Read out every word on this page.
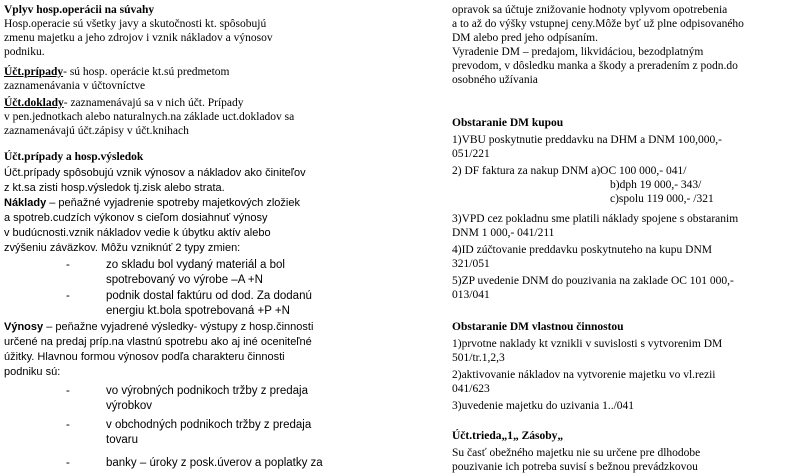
Vplyv hosp.operácii na súvahy
Hosp.operacie sú všetky javy a skutočnosti kt. spôsobujú
zmenu majetku a jeho zdrojov i vznik nákladov a výnosov
podniku.
Účt.prípady- sú hosp. operácie kt.sú predmetom
zaznamenávania v účtovníctve
Účt.doklady- zaznamenávajú sa v nich účt. Prípady
v pen.jednotkach alebo naturalnych.na základe uct.dokladov sa
zaznamenávajú účt.zápisy v účt.knihach
Účt.prípady a hosp.výsledok
Účt.prípady spôsobujú vznik výnosov a nákladov ako činiteľov
z kt.sa zisti hosp.výsledok tj.zisk alebo strata.
Náklady – peňažné vyjadrenie spotreby majetkových zložiek
a spotreb.cudzích výkonov s cieľom dosiahnuť výnosy
v budúcnosti.vznik nákladov vedie k úbytku aktív alebo
zvýšeniu záväzkov. Môžu vzniknúť 2 typy zmien:
-	zo skladu bol vydaný materiál a bol
spotrebovaný vo výrobe –A +N
-	podnik dostal faktúru od dod. Za dodanú
energiu kt.bola spotrebovaná +P +N
Výnosy – peňažne vyjadrené výsledky- výstupy z hosp.činnosti
určené na predaj príp.na vlastnú spotrebu ako aj iné oceniteľné
úžitky. Hlavnou formou výnosov podľa charakteru činnosti
podniku sú:
-	vo výrobných podnikoch tržby z predaja
výrobkov
-	v obchodných podnikoch tržby z predaja
tovaru
-	banky – úroky z posk.úverov a poplatky za
opravok sa účtuje znižovanie hodnoty vplyvom opotrebenia
a to až do výšky vstupnej ceny.Môže byť už plne odpisovaného
DM alebo pred jeho odpísaním.
Vyradenie DM – predajom, likvidáciou, bezodplatným
prevodom, v dôsledku manka a škody a preradením z podn.do
osobného užívania
Obstaranie DM kupou
1)VBU poskytnutie preddavku na DHM a DNM 100,000,-
051/221
2) DF faktura za nakup DNM a)OC 100 000,- 041/
b)dph 19 000,- 343/
c)spolu 119 000,- /321
3)VPD cez pokladnu sme platili náklady spojene s obstaranim
DNM 1 000,- 041/211
4)ID zúčtovanie preddavku poskytnuteho na kupu DNM
321/051
5)ZP uvedenie DNM do pouzivania na zaklade OC 101 000,-
013/041
Obstaranie DM vlastnou činnostou
1)prvotne naklady kt vznikli v suvislosti s vytvorenim DM
501/tr.1,2,3
2)aktivovanie nákladov na vytvorenie majetku vo vl.rezii
041/623
3)uvedenie majetku do uzivania 1../041
Účt.trieda„1„ Zásoby„
Su časť obežného majetku nie su určene pre dlhodobe
pouzivanie ich potreba suvisí s bežnou prevádzkovou
